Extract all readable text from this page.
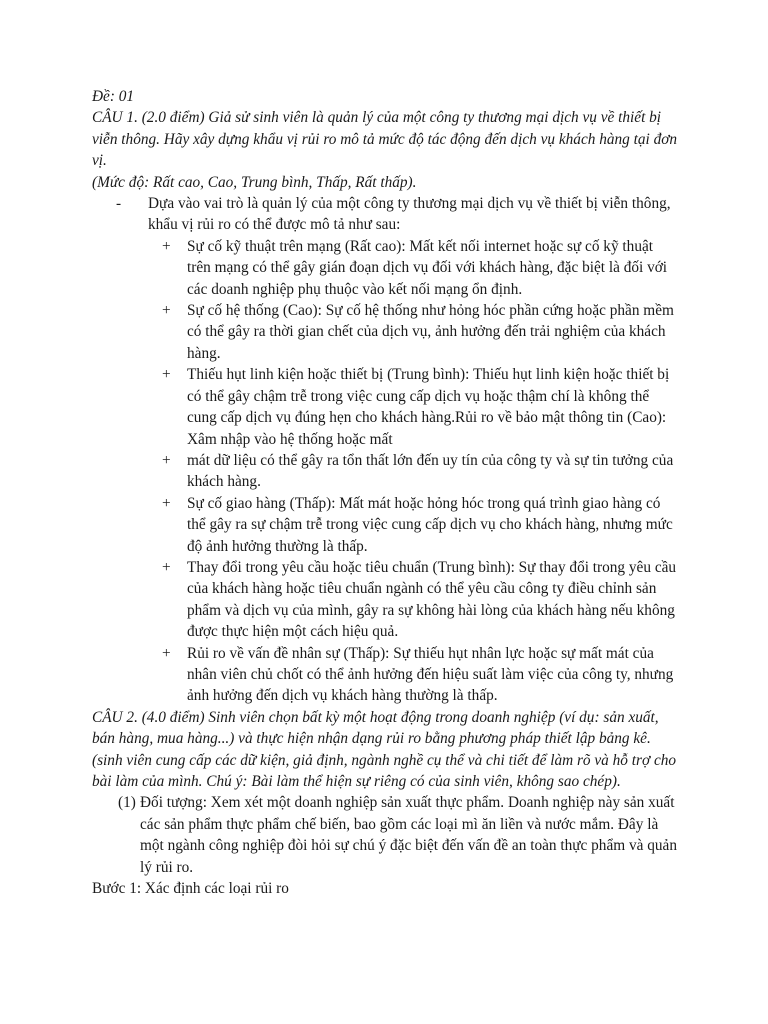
Đề: 01

CÂU 1. (2.0 điểm) Giả sử sinh viên là quản lý của một công ty thương mại dịch vụ về thiết bị viễn thông. Hãy xây dựng khẩu vị rủi ro mô tả mức độ tác động đến dịch vụ khách hàng tại đơn vị.

(Mức độ: Rất cao, Cao, Trung bình, Thấp, Rất thấp).

- Dựa vào vai trò là quản lý của một công ty thương mại dịch vụ về thiết bị viễn thông, khẩu vị rủi ro có thể được mô tả như sau:
+ Sự cố kỹ thuật trên mạng (Rất cao): Mất kết nối internet hoặc sự cố kỹ thuật trên mạng có thể gây gián đoạn dịch vụ đối với khách hàng, đặc biệt là đối với các doanh nghiệp phụ thuộc vào kết nối mạng ổn định.
+ Sự cố hệ thống (Cao): Sự cố hệ thống như hỏng hóc phần cứng hoặc phần mềm có thể gây ra thời gian chết của dịch vụ, ảnh hưởng đến trải nghiệm của khách hàng.
+ Thiếu hụt linh kiện hoặc thiết bị (Trung bình): Thiếu hụt linh kiện hoặc thiết bị có thể gây chậm trễ trong việc cung cấp dịch vụ hoặc thậm chí là không thể cung cấp dịch vụ đúng hẹn cho khách hàng.Rủi ro về bảo mật thông tin (Cao): Xâm nhập vào hệ thống hoặc mất
+ mát dữ liệu có thể gây ra tổn thất lớn đến uy tín của công ty và sự tin tưởng của khách hàng.
+ Sự cố giao hàng (Thấp): Mất mát hoặc hỏng hóc trong quá trình giao hàng có thể gây ra sự chậm trễ trong việc cung cấp dịch vụ cho khách hàng, nhưng mức độ ảnh hưởng thường là thấp.
+ Thay đổi trong yêu cầu hoặc tiêu chuẩn (Trung bình): Sự thay đổi trong yêu cầu của khách hàng hoặc tiêu chuẩn ngành có thể yêu cầu công ty điều chỉnh sản phẩm và dịch vụ của mình, gây ra sự không hài lòng của khách hàng nếu không được thực hiện một cách hiệu quả.
+ Rủi ro về vấn đề nhân sự (Thấp): Sự thiếu hụt nhân lực hoặc sự mất mát của nhân viên chủ chốt có thể ảnh hưởng đến hiệu suất làm việc của công ty, nhưng ảnh hưởng đến dịch vụ khách hàng thường là thấp.

CÂU 2. (4.0 điểm) Sinh viên chọn bất kỳ một hoạt động trong doanh nghiệp (ví dụ: sản xuất, bán hàng, mua hàng...) và thực hiện nhận dạng rủi ro bằng phương pháp thiết lập bảng kê.

(sinh viên cung cấp các dữ kiện, giả định, ngành nghề cụ thể và chi tiết để làm rõ và hỗ trợ cho bài làm của mình. Chú ý: Bài làm thể hiện sự riêng có của sinh viên, không sao chép).

(1) Đối tượng: Xem xét một doanh nghiệp sản xuất thực phẩm. Doanh nghiệp này sản xuất các sản phẩm thực phẩm chế biến, bao gồm các loại mì ăn liền và nước mắm. Đây là một ngành công nghiệp đòi hỏi sự chú ý đặc biệt đến vấn đề an toàn thực phẩm và quản lý rủi ro.

Bước 1: Xác định các loại rủi ro
